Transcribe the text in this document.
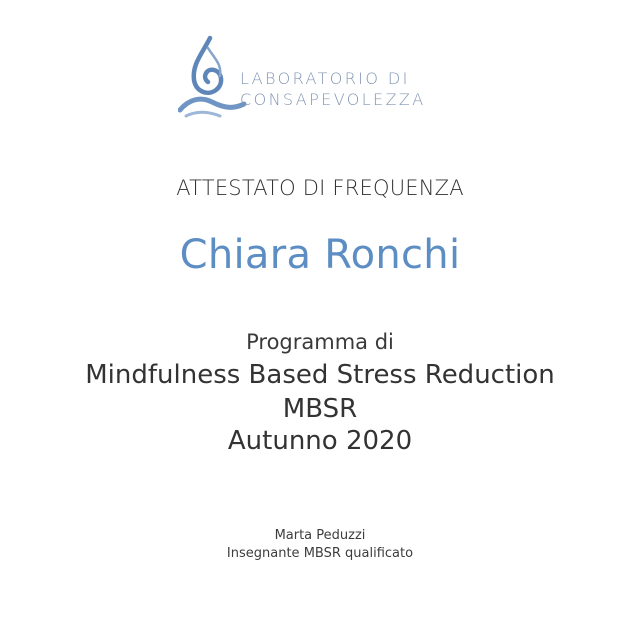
LABORATORIO DI
CONSAPEVOLEZZA
ATTESTATO DI FREQUENZA
Chiara Ronchi
Programma di
Mindfulness Based Stress Reduction
MBSR
Autunno 2020
Marta Peduzzi
Insegnante MBSR qualificato
